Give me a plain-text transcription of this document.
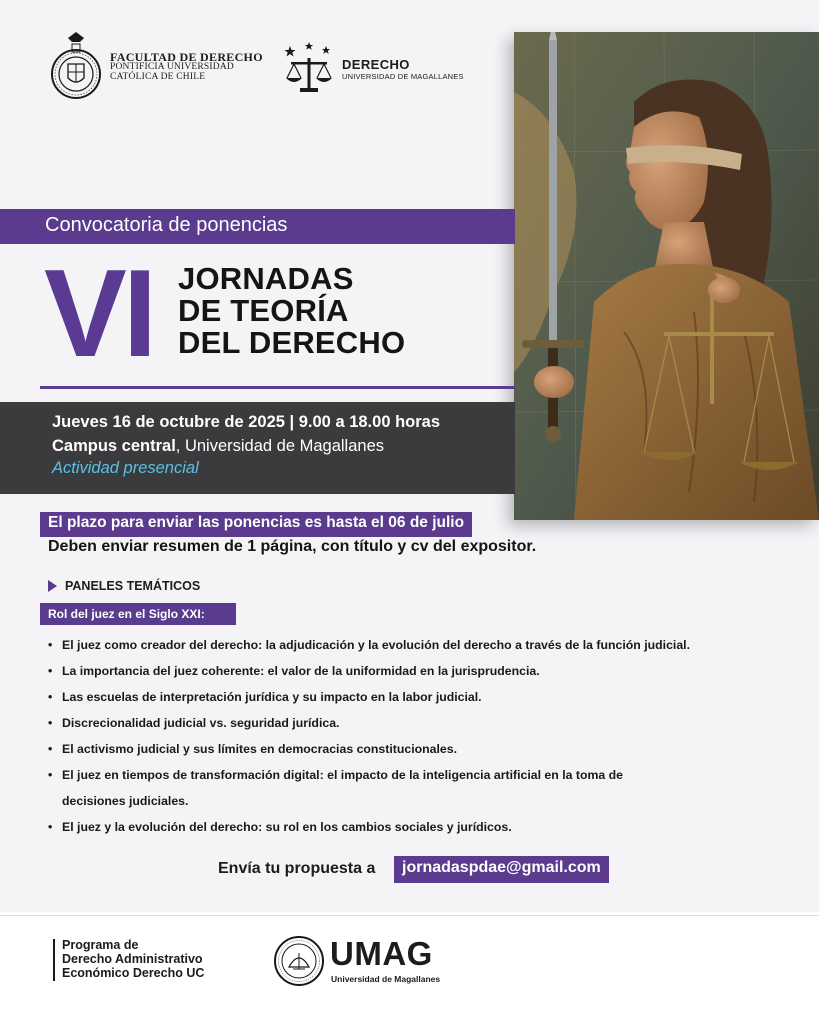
FACULTAD DE DERECHO
PONTIFICIA UNIVERSIDAD
CATÓLICA DE CHILE
DERECHO
UNIVERSIDAD DE MAGALLANES
Convocatoria de ponencias
VI JORNADAS
DE TEORÍA
DEL DERECHO
Jueves 16 de octubre de 2025 | 9.00 a 18.00 horas
Campus central, Universidad de Magallanes
Actividad presencial
El plazo para enviar las ponencias es hasta el 06 de julio
Deben enviar resumen de 1 página, con título y cv del expositor.
PANELES TEMÁTICOS
Rol del juez en el Siglo XXI:
• El juez como creador del derecho: la adjudicación y la evolución del derecho a través de la función judicial.
• La importancia del juez coherente: el valor de la uniformidad en la jurisprudencia.
• Las escuelas de interpretación jurídica y su impacto en la labor judicial.
• Discrecionalidad judicial vs. seguridad jurídica.
• El activismo judicial y sus límites en democracias constitucionales.
• El juez en tiempos de transformación digital: el impacto de la inteligencia artificial en la toma de
decisiones judiciales.
• El juez y la evolución del derecho: su rol en los cambios sociales y jurídicos.
Envía tu propuesta a	jornadaspdae@gmail.com
Programa de
Derecho Administrativo
Económico Derecho UC
UMAG
Universidad de Magallanes
